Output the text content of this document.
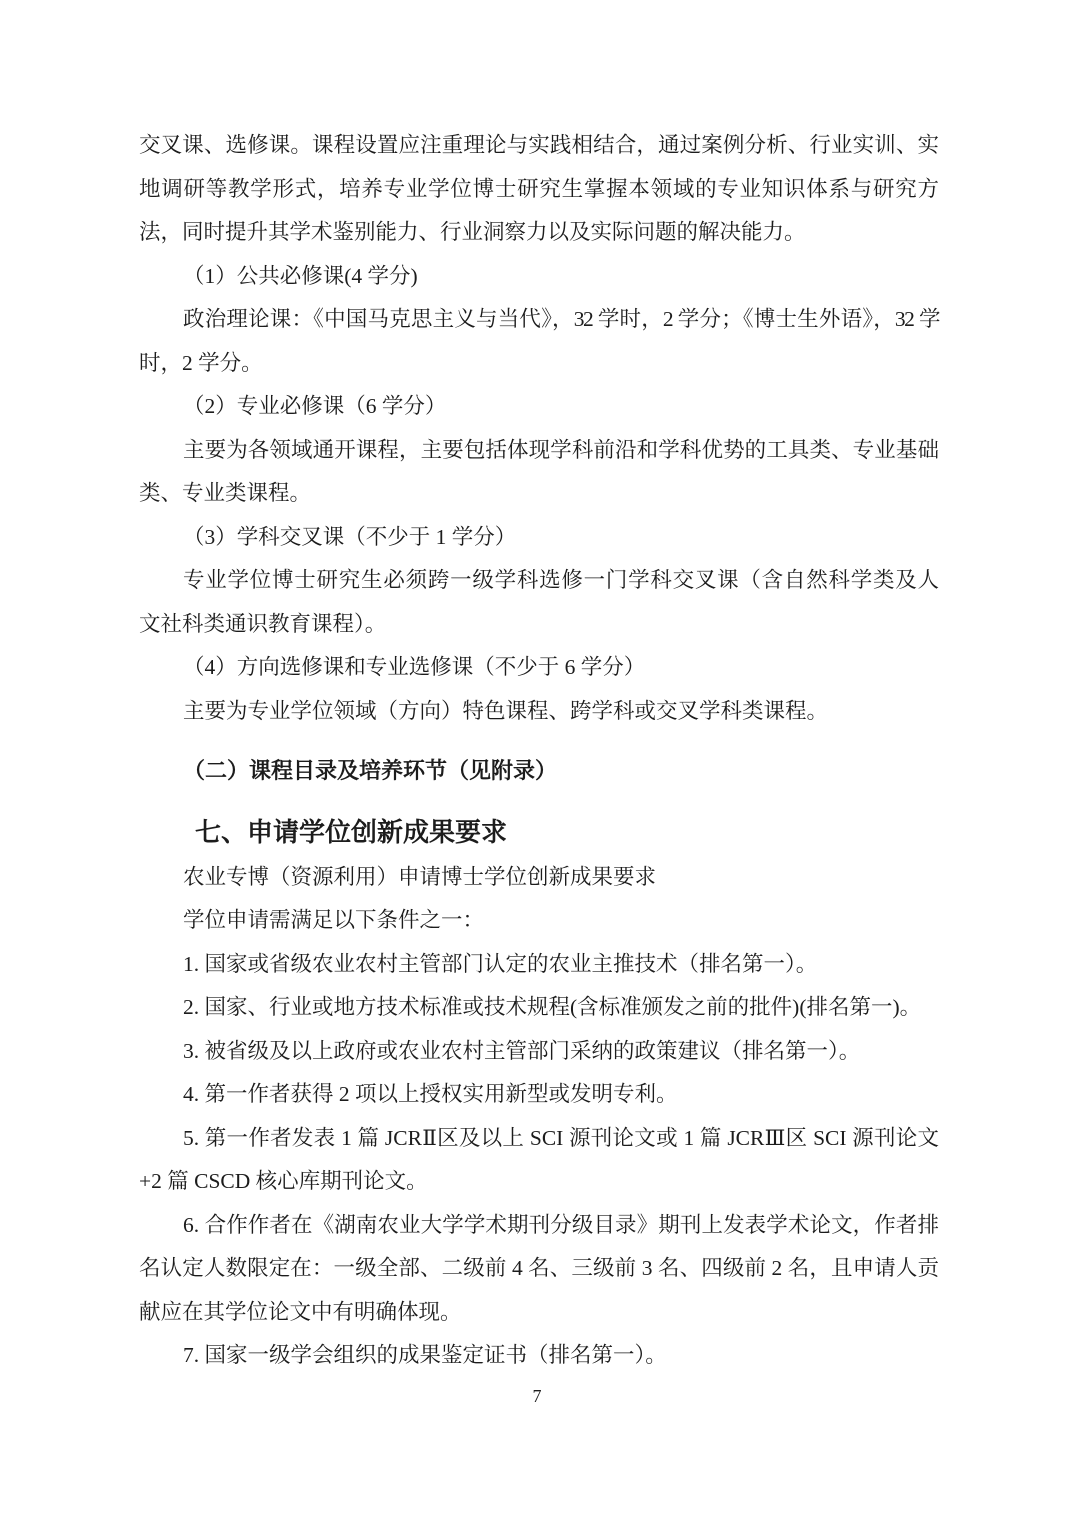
交叉课、选修课。课程设置应注重理论与实践相结合，通过案例分析、行业实训、实
地调研等教学形式，培养专业学位博士研究生掌握本领域的专业知识体系与研究方
法，同时提升其学术鉴别能力、行业洞察力以及实际问题的解决能力。
（1）公共必修课(4 学分)
政治理论课：《中国马克思主义与当代》，32 学时，2 学分；《博士生外语》，32 学
时，2 学分。
（2）专业必修课（6 学分）
主要为各领域通开课程，主要包括体现学科前沿和学科优势的工具类、专业基础
类、专业类课程。
（3）学科交叉课（不少于 1 学分）
专业学位博士研究生必须跨一级学科选修一门学科交叉课（含自然科学类及人
文社科类通识教育课程）。
（4）方向选修课和专业选修课（不少于 6 学分）
主要为专业学位领域（方向）特色课程、跨学科或交叉学科类课程。
（二）课程目录及培养环节（见附录）
七、申请学位创新成果要求
农业专博（资源利用）申请博士学位创新成果要求
学位申请需满足以下条件之一：
1. 国家或省级农业农村主管部门认定的农业主推技术（排名第一）。
2. 国家、行业或地方技术标准或技术规程(含标准颁发之前的批件)(排名第一)。
3. 被省级及以上政府或农业农村主管部门采纳的政策建议（排名第一）。
4. 第一作者获得 2 项以上授权实用新型或发明专利。
5. 第一作者发表 1 篇 JCRⅡ区及以上 SCI 源刊论文或 1 篇 JCRⅢ区 SCI 源刊论文
+2 篇 CSCD 核心库期刊论文。
6. 合作作者在《湖南农业大学学术期刊分级目录》期刊上发表学术论文，作者排
名认定人数限定在：一级全部、二级前 4 名、三级前 3 名、四级前 2 名，且申请人贡
献应在其学位论文中有明确体现。
7. 国家一级学会组织的成果鉴定证书（排名第一）。
7
